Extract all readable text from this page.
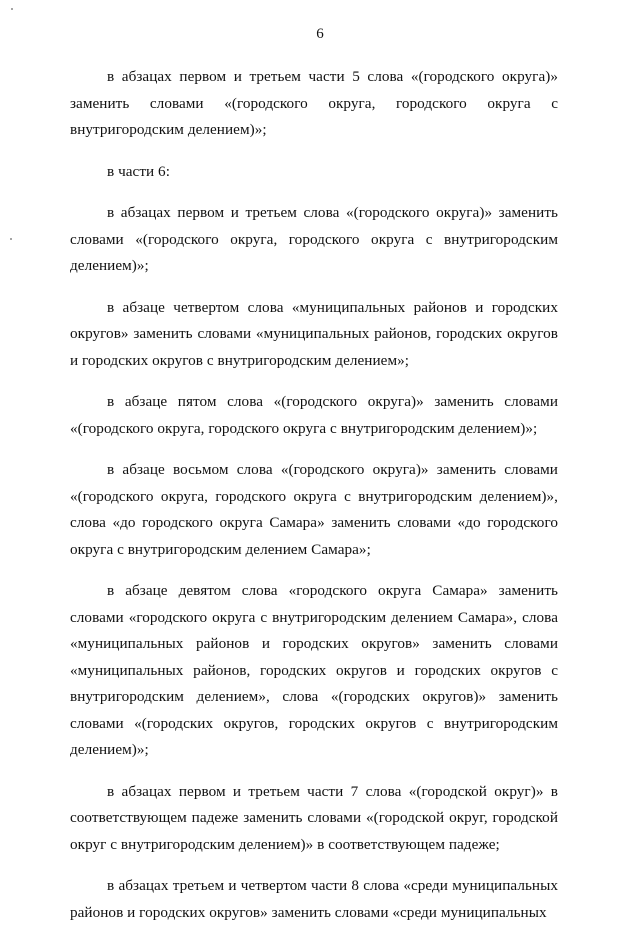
6

в абзацах первом и третьем части 5 слова «(городского округа)» заменить словами «(городского округа, городского округа с внутригородским делением)»;

в части 6:

в абзацах первом и третьем слова «(городского округа)» заменить словами «(городского округа, городского округа с внутригородским делением)»;

в абзаце четвертом слова «муниципальных районов и городских округов» заменить словами «муниципальных районов, городских округов и городских округов с внутригородским делением»;

в абзаце пятом слова «(городского округа)» заменить словами «(городского округа, городского округа с внутригородским делением)»;

в абзаце восьмом слова «(городского округа)» заменить словами «(городского округа, городского округа с внутригородским делением)», слова «до городского округа Самара» заменить словами «до городского округа с внутригородским делением Самара»;

в абзаце девятом слова «городского округа Самара» заменить словами «городского округа с внутригородским делением Самара», слова «муниципальных районов и городских округов» заменить словами «муниципальных районов, городских округов и городских округов с внутригородским делением», слова «(городских округов)» заменить словами «(городских округов, городских округов с внутригородским делением)»;

в абзацах первом и третьем части 7 слова «(городской округ)» в соответствующем падеже заменить словами «(городской округ, городской округ с внутригородским делением)» в соответствующем падеже;

в абзацах третьем и четвертом части 8 слова «среди муниципальных районов и городских округов» заменить словами «среди муниципальных
